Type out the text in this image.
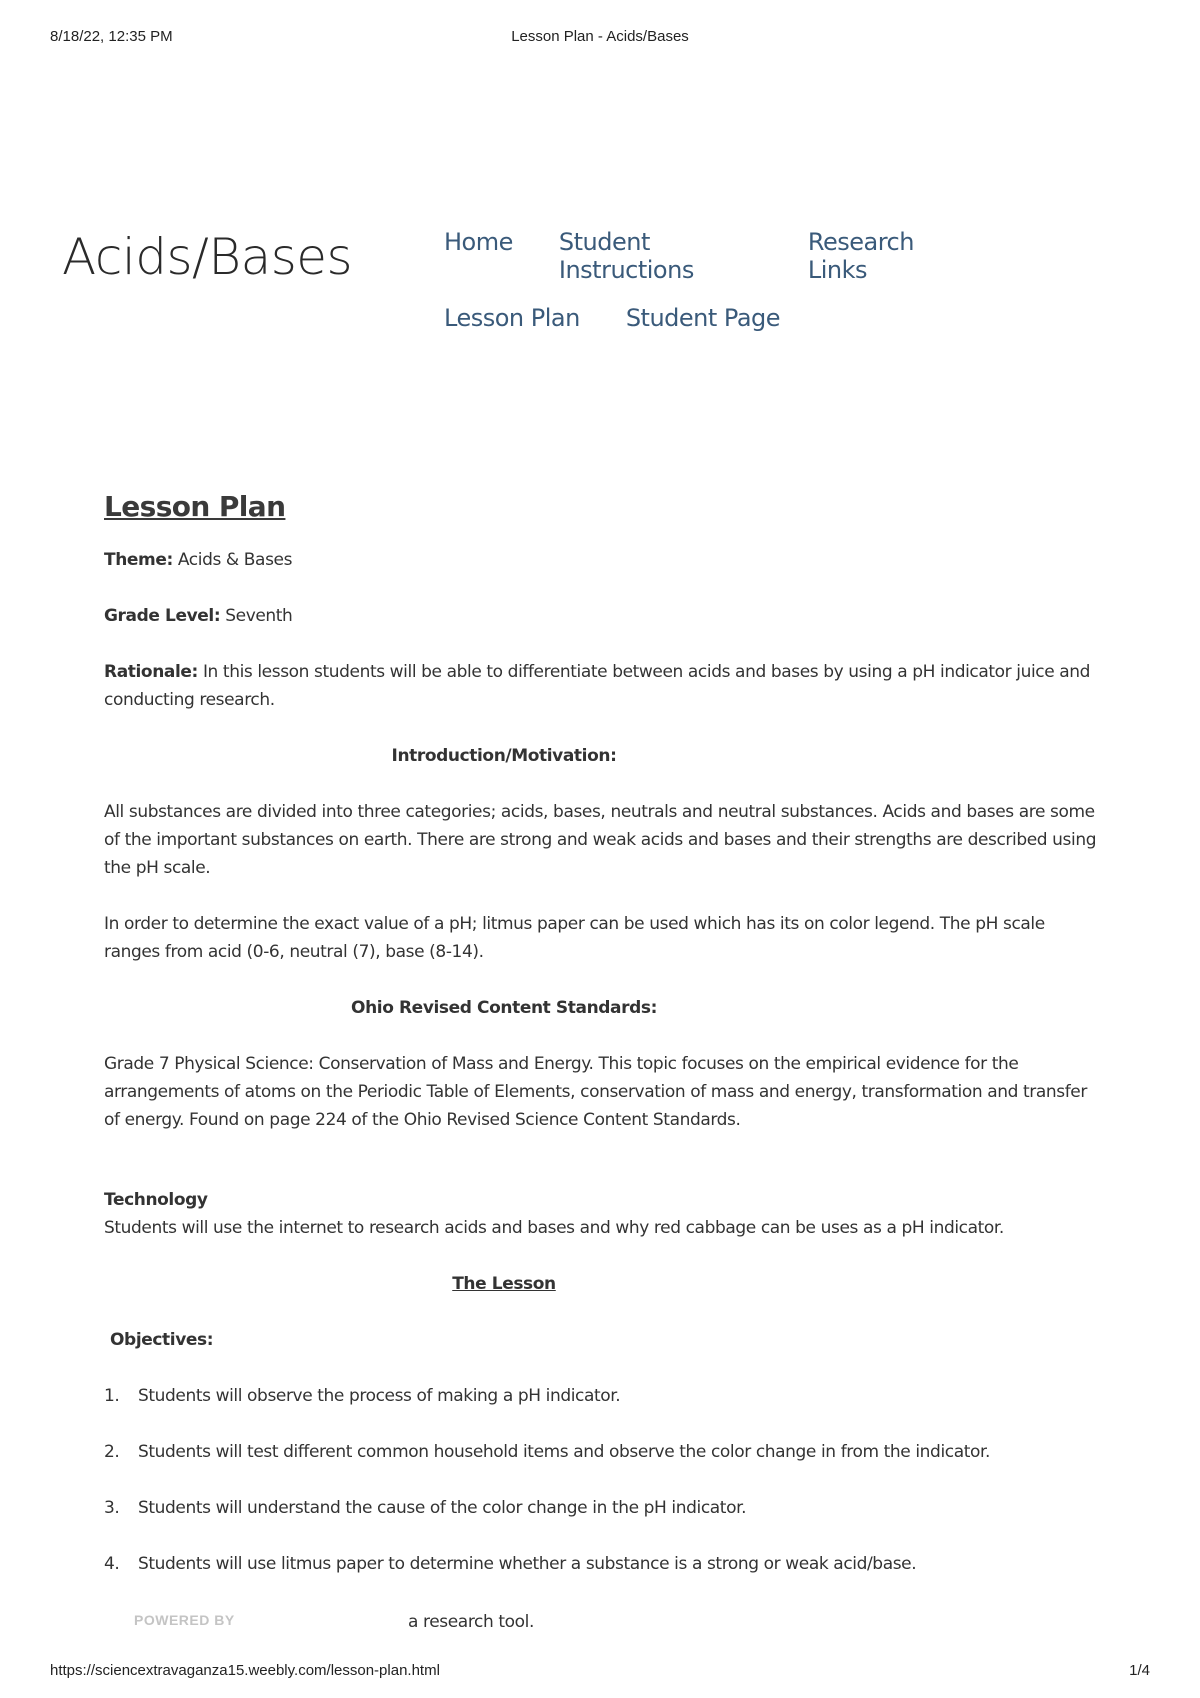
8/18/22, 12:35 PM	Lesson Plan - Acids/Bases
Acids/Bases	Home Student Instructions
Research Links
Lesson Plan Student Page
Lesson Plan

Theme: Acids & Bases

Grade Level: Seventh

Rationale: In this lesson students will be able to differentiate between acids and bases by using a pH indicator juice and conducting research.

Introduction/Motivation:

All substances are divided into three categories; acids, bases, neutrals and neutral substances. Acids and bases are some of the important substances on earth. There are strong and weak acids and bases and their strengths are described using the pH scale.

In order to determine the exact value of a pH; litmus paper can be used which has its on color legend. The pH scale ranges from acid (0-6, neutral (7), base (8-14).

Ohio Revised Content Standards:

Grade 7 Physical Science: Conservation of Mass and Energy. This topic focuses on the empirical evidence for the arrangements of atoms on the Periodic Table of Elements, conservation of mass and energy, transformation and transfer of energy. Found on page 224 of the Ohio Revised Science Content Standards.

Technology
Students will use the internet to research acids and bases and why red cabbage can be uses as a pH indicator.
The Lesson
Objectives:
1.	Students will observe the process of making a pH indicator.
2.	Students will test different common household items and observe the color change in from the indicator.
3.	Students will understand the cause of the color change in the pH indicator.
4.	Students will use litmus paper to determine whether a substance is a strong or weak acid/base.
POWERED BY	a research tool.
https://sciencextravaganza15.weebly.com/lesson-plan.html	1/4
